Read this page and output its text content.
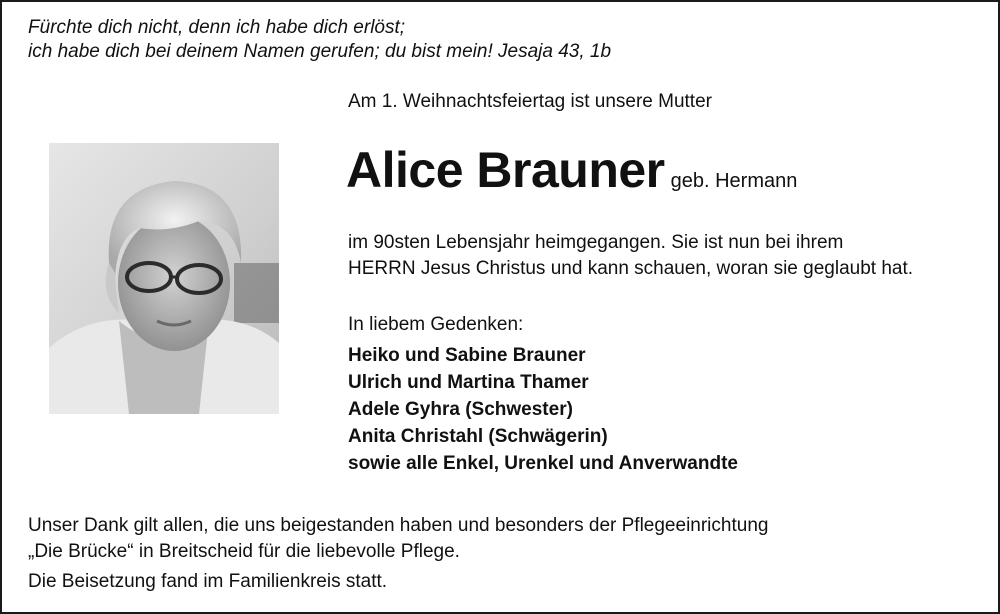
Fürchte dich nicht, denn ich habe dich erlöst;
ich habe dich bei deinem Namen gerufen; du bist mein! Jesaja 43, 1b
Am 1. Weihnachtsfeiertag ist unsere Mutter
Alice Brauner geb. Hermann
im 90sten Lebensjahr heimgegangen. Sie ist nun bei ihrem
HERRN Jesus Christus und kann schauen, woran sie geglaubt hat.
In liebem Gedenken:
Heiko und Sabine Brauner
Ulrich und Martina Thamer
Adele Gyhra (Schwester)
Anita Christahl (Schwägerin)
sowie alle Enkel, Urenkel und Anverwandte
Unser Dank gilt allen, die uns beigestanden haben und besonders der Pflegeeinrichtung
„Die Brücke“ in Breitscheid für die liebevolle Pflege.
Die Beisetzung fand im Familienkreis statt.
